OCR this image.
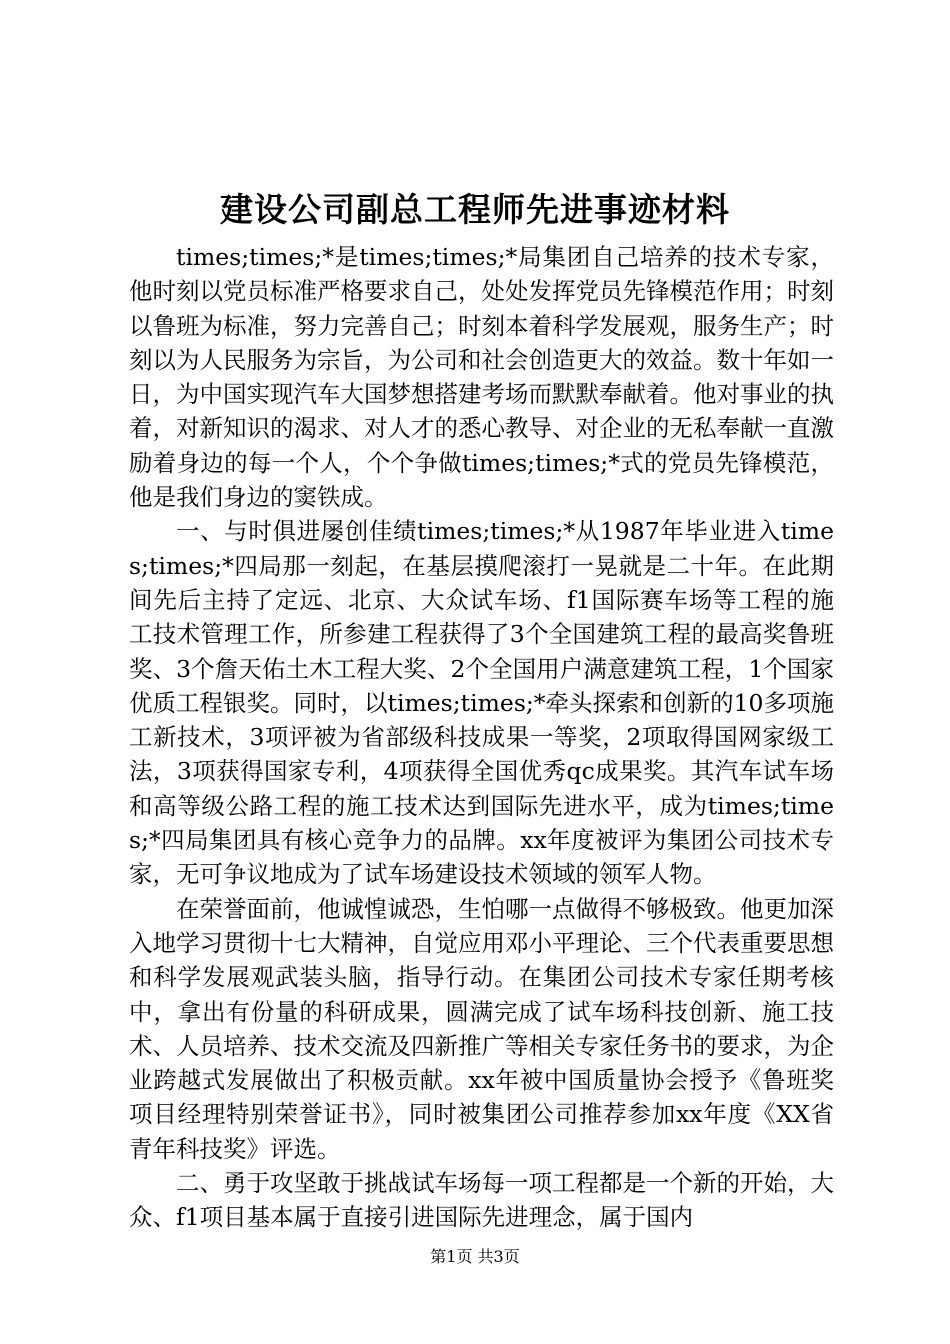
建设公司副总工程师先进事迹材料

times;times;*是times;times;*局集团自己培养的技术专家，他时刻以党员标准严格要求自己，处处发挥党员先锋模范作用；时刻以鲁班为标准，努力完善自己；时刻本着科学发展观，服务生产；时刻以为人民服务为宗旨，为公司和社会创造更大的效益。数十年如一日，为中国实现汽车大国梦想搭建考场而默默奉献着。他对事业的执着，对新知识的渴求、对人才的悉心教导、对企业的无私奉献一直激励着身边的每一个人，个个争做times;times;*式的党员先锋模范，他是我们身边的窦铁成。

一、与时俱进屡创佳绩times;times;*从1987年毕业进入times;times;*四局那一刻起，在基层摸爬滚打一晃就是二十年。在此期间先后主持了定远、北京、大众试车场、f1国际赛车场等工程的施工技术管理工作，所参建工程获得了3个全国建筑工程的最高奖鲁班奖、3个詹天佑土木工程大奖、2个全国用户满意建筑工程，1个国家优质工程银奖。同时，以times;times;*牵头探索和创新的10多项施工新技术，3项评被为省部级科技成果一等奖，2项取得国网家级工法，3项获得国家专利，4项获得全国优秀qc成果奖。其汽车试车场和高等级公路工程的施工技术达到国际先进水平，成为times;times;*四局集团具有核心竞争力的品牌。xx年度被评为集团公司技术专家，无可争议地成为了试车场建设技术领域的领军人物。

在荣誉面前，他诚惶诚恐，生怕哪一点做得不够极致。他更加深入地学习贯彻十七大精神，自觉应用邓小平理论、三个代表重要思想和科学发展观武装头脑，指导行动。在集团公司技术专家任期考核中，拿出有份量的科研成果，圆满完成了试车场科技创新、施工技术、人员培养、技术交流及四新推广等相关专家任务书的要求，为企业跨越式发展做出了积极贡献。xx年被中国质量协会授予《鲁班奖项目经理特别荣誉证书》，同时被集团公司推荐参加xx年度《XX省青年科技奖》评选。

二、勇于攻坚敢于挑战试车场每一项工程都是一个新的开始，大众、f1项目基本属于直接引进国际先进理念，属于国内

第1页 共3页
